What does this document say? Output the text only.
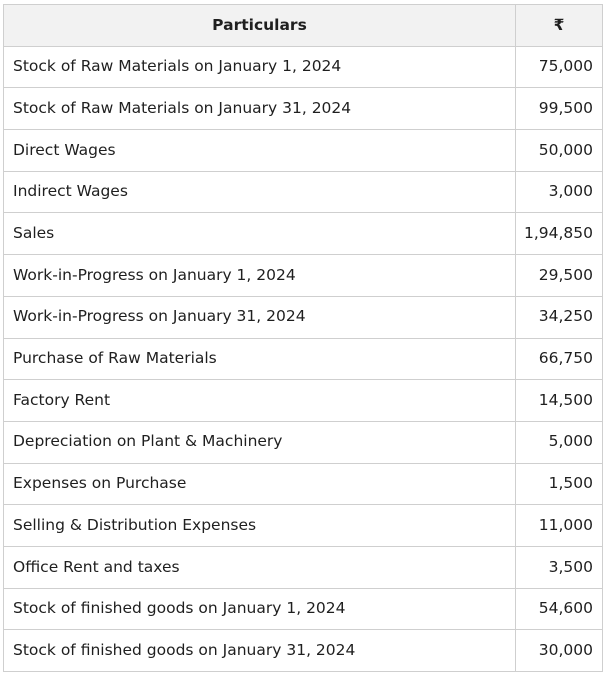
Particulars	₹
Stock of Raw Materials on January 1, 2024	75,000
Stock of Raw Materials on January 31, 2024	99,500
Direct Wages	50,000
Indirect Wages	3,000
Sales	1,94,850
Work-in-Progress on January 1, 2024	29,500
Work-in-Progress on January 31, 2024	34,250
Purchase of Raw Materials	66,750
Factory Rent	14,500
Depreciation on Plant & Machinery	5,000
Expenses on Purchase	1,500
Selling & Distribution Expenses	11,000
Office Rent and taxes	3,500
Stock of finished goods on January 1, 2024	54,600
Stock of finished goods on January 31, 2024	30,000
